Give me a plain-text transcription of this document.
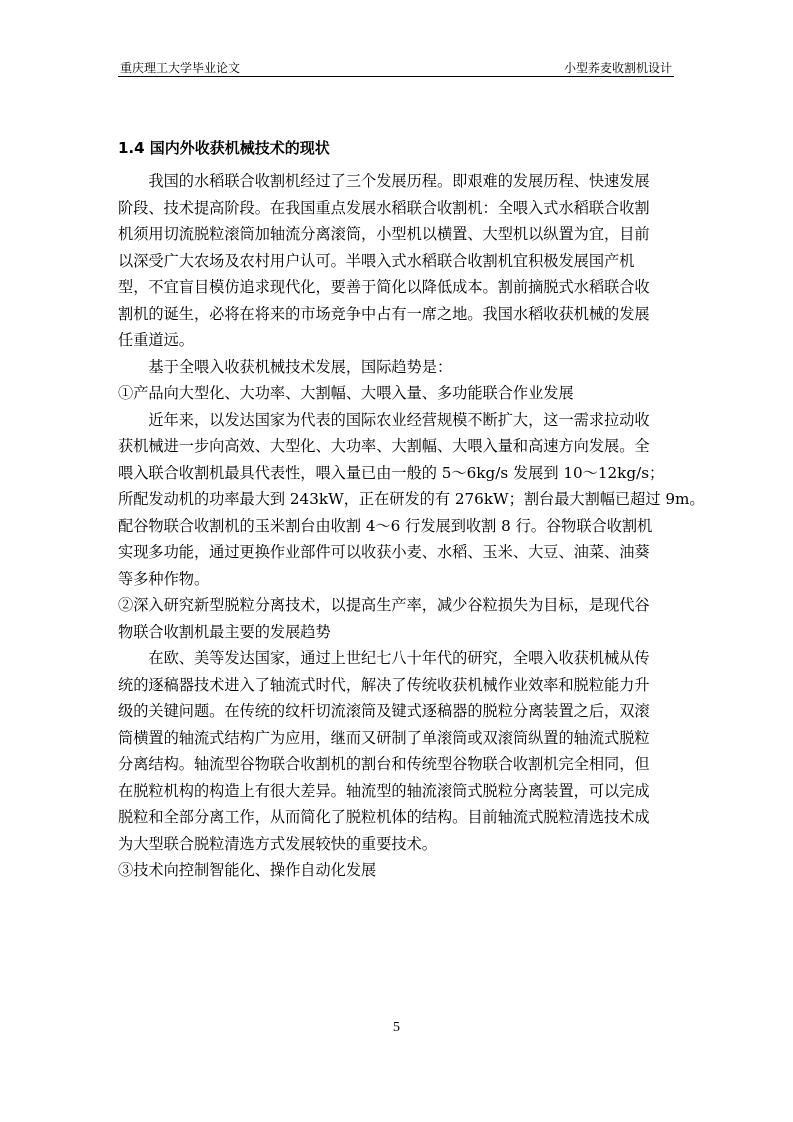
重庆理工大学毕业论文	小型荞麦收割机设计
1.4 国内外收获机械技术的现状
　　我国的水稻联合收割机经过了三个发展历程。即艰难的发展历程、快速发展
阶段、技术提高阶段。在我国重点发展水稻联合收割机：全喂入式水稻联合收割
机须用切流脱粒滚筒加轴流分离滚筒，小型机以横置、大型机以纵置为宜，目前
以深受广大农场及农村用户认可。半喂入式水稻联合收割机宜积极发展国产机
型，不宜盲目模仿追求现代化，要善于简化以降低成本。割前摘脱式水稻联合收
割机的诞生，必将在将来的市场竞争中占有一席之地。我国水稻收获机械的发展
任重道远。
　　基于全喂入收获机械技术发展，国际趋势是：
①产品向大型化、大功率、大割幅、大喂入量、多功能联合作业发展
　　近年来，以发达国家为代表的国际农业经营规模不断扩大，这一需求拉动收
获机械进一步向高效、大型化、大功率、大割幅、大喂入量和高速方向发展。全
喂入联合收割机最具代表性，喂入量已由一般的 5～6kg/s 发展到 10～12kg/s；
所配发动机的功率最大到 243kW，正在研发的有 276kW；割台最大割幅已超过 9m。
配谷物联合收割机的玉米割台由收割 4～6 行发展到收割 8 行。谷物联合收割机
实现多功能，通过更换作业部件可以收获小麦、水稻、玉米、大豆、油菜、油葵
等多种作物。
②深入研究新型脱粒分离技术，以提高生产率，减少谷粒损失为目标，是现代谷
物联合收割机最主要的发展趋势
　　在欧、美等发达国家，通过上世纪七八十年代的研究，全喂入收获机械从传
统的逐稿器技术进入了轴流式时代，解决了传统收获机械作业效率和脱粒能力升
级的关键问题。在传统的纹杆切流滚筒及键式逐稿器的脱粒分离装置之后，双滚
筒横置的轴流式结构广为应用，继而又研制了单滚筒或双滚筒纵置的轴流式脱粒
分离结构。轴流型谷物联合收割机的割台和传统型谷物联合收割机完全相同，但
在脱粒机构的构造上有很大差异。轴流型的轴流滚筒式脱粒分离装置，可以完成
脱粒和全部分离工作，从而简化了脱粒机体的结构。目前轴流式脱粒清选技术成
为大型联合脱粒清选方式发展较快的重要技术。
③技术向控制智能化、操作自动化发展
5
